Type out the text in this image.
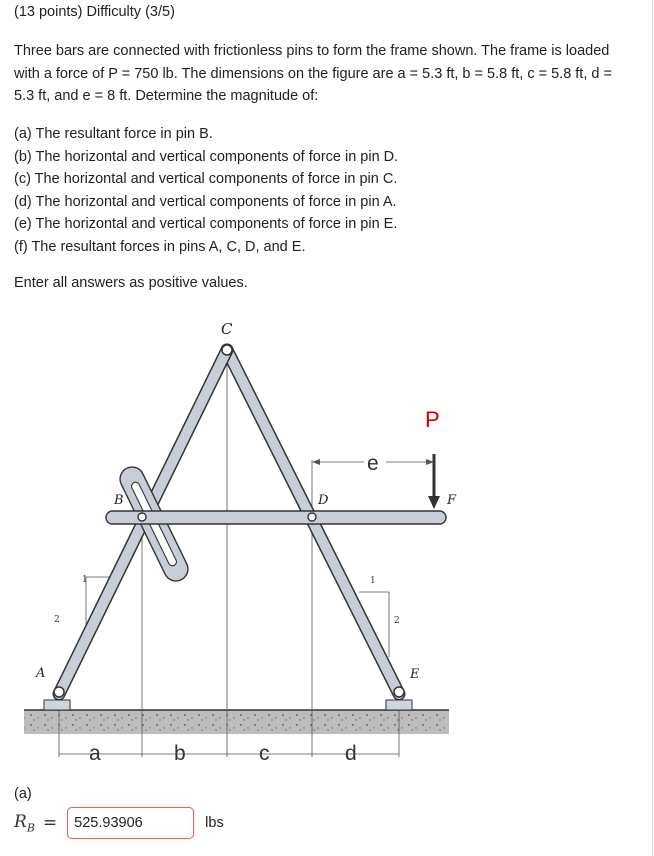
(13 points) Difficulty (3/5)
Three bars are connected with frictionless pins to form the frame shown. The frame is loaded with a force of P = 750 lb. The dimensions on the figure are a = 5.3 ft, b = 5.8 ft, c = 5.8 ft, d = 5.3 ft, and e = 8 ft. Determine the magnitude of:
(a) The resultant force in pin B.
(b) The horizontal and vertical components of force in pin D.
(c) The horizontal and vertical components of force in pin C.
(d) The horizontal and vertical components of force in pin A.
(e) The horizontal and vertical components of force in pin E.
(f) The resultant forces in pins A, C, D, and E.
Enter all answers as positive values.
C
B	D	F
A	E
P
e
1
2
1
2
a	b	c	d
(a)
$R_B$ =
525.93906	lbs
